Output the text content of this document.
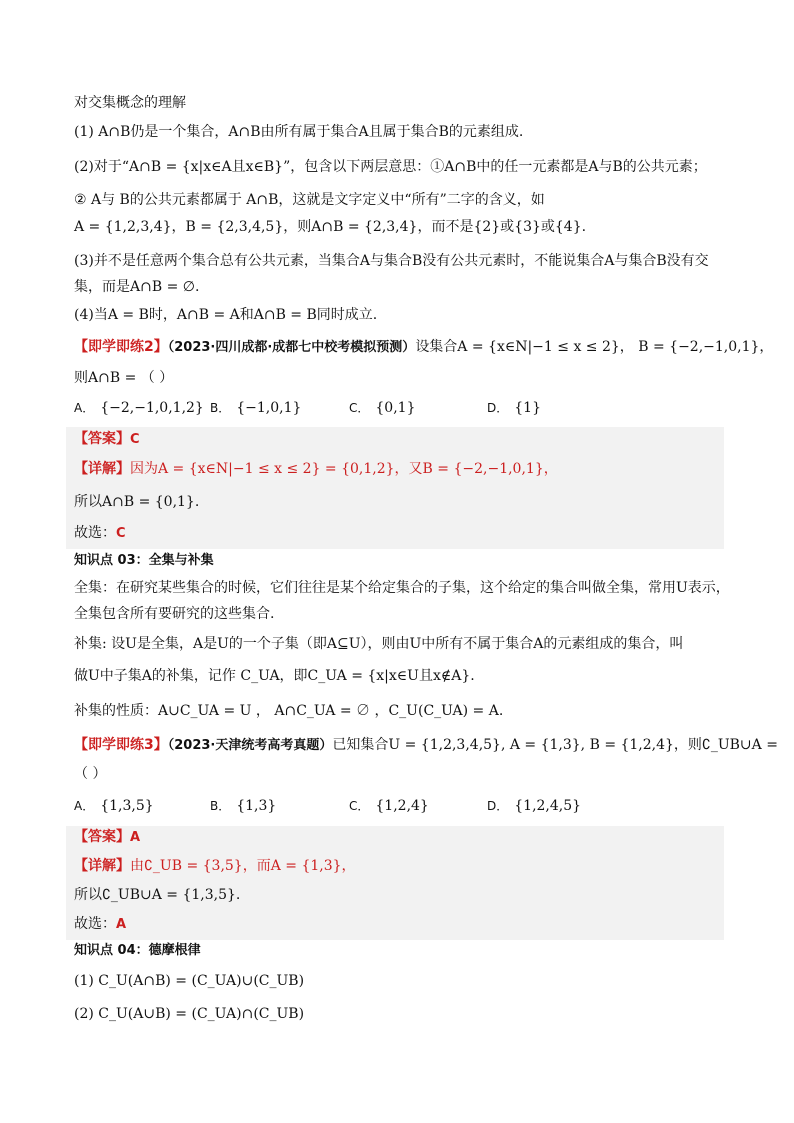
对交集概念的理解
(1) A∩B仍是一个集合，A∩B由所有属于集合A且属于集合B的元素组成.
(2)对于“A∩B = {x|x∈A且x∈B}”，包含以下两层意思：①A∩B中的任一元素都是A与B的公共元素；
② A与 B的公共元素都属于 A∩B，这就是文字定义中“所有”二字的含义，如
A = {1,2,3,4}，B = {2,3,4,5}，则A∩B = {2,3,4}，而不是{2}或{3}或{4}.
(3)并不是任意两个集合总有公共元素，当集合A与集合B没有公共元素时，不能说集合A与集合B没有交
集，而是A∩B = ∅.
(4)当A = B时，A∩B = A和A∩B = B同时成立.
【即学即练2】（2023·四川成都·成都七中校考模拟预测）设集合A = {x∈N|−1 ≤ x ≤ 2}， B = {−2,−1,0,1}，
则A∩B = （ ）
A． {−2,−1,0,1,2} B． {−1,0,1}	C． {0,1}	D． {1}
【答案】C
【详解】因为A = {x∈N|−1 ≤ x ≤ 2} = {0,1,2}，又B = {−2,−1,0,1}，
所以A∩B = {0,1}.
故选：C
知识点 03：全集与补集
全集：在研究某些集合的时候，它们往往是某个给定集合的子集，这个给定的集合叫做全集，常用U表示，
全集包含所有要研究的这些集合.
补集: 设U是全集，A是U的一个子集（即A⊆U），则由U中所有不属于集合A的元素组成的集合，叫
做U中子集A的补集，记作 C_UA，即C_UA = {x|x∈U且x∉A}.
补集的性质：A∪C_UA = U ， A∩C_UA = ∅ ，C_U(C_UA) = A.
【即学即练3】（2023·天津统考高考真题）已知集合U = {1,2,3,4,5}, A = {1,3}, B = {1,2,4}，则∁_UB∪A =
（ ）
A． {1,3,5}	B． {1,3}	C． {1,2,4}	D． {1,2,4,5}
【答案】A
【详解】由∁_UB = {3,5}，而A = {1,3}，
所以∁_UB∪A = {1,3,5}.
故选：A
知识点 04：德摩根律
(1) C_U(A∩B) = (C_UA)∪(C_UB)
(2) C_U(A∪B) = (C_UA)∩(C_UB)
